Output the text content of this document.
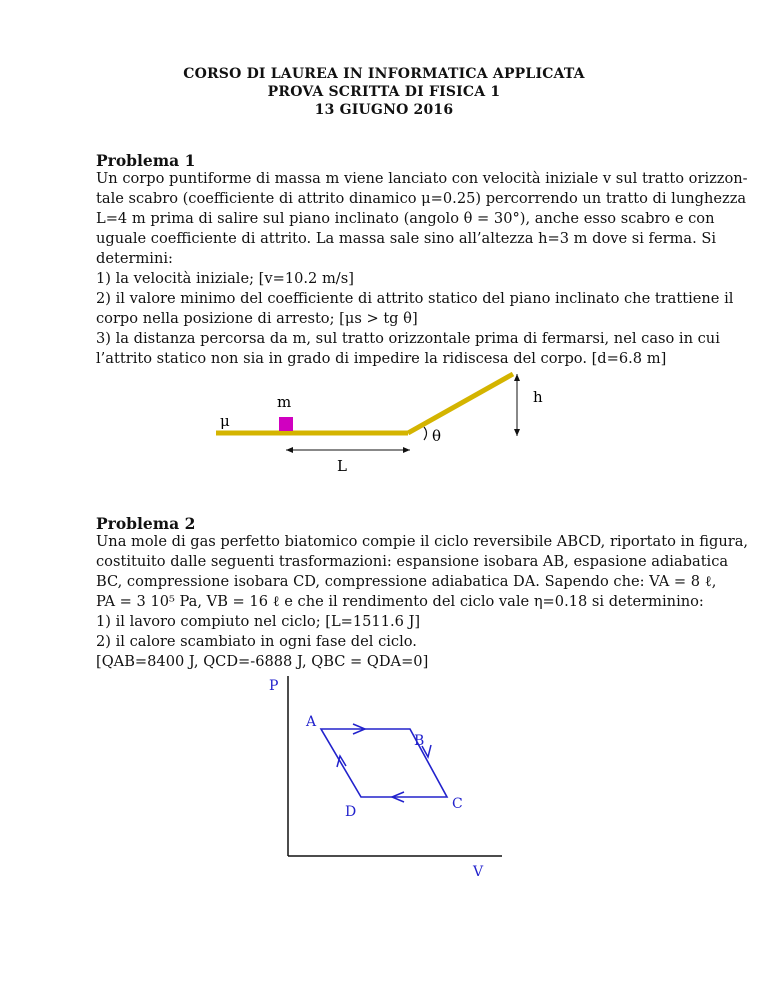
CORSO DI LAUREA IN INFORMATICA APPLICATA
PROVA SCRITTA DI FISICA 1
13 GIUGNO 2016
Problema 1
Un corpo puntiforme di massa m viene lanciato con velocità iniziale v sul tratto orizzon-
tale scabro (coefficiente di attrito dinamico μ=0.25) percorrendo un tratto di lunghezza
L=4 m prima di salire sul piano inclinato (angolo θ = 30°), anche esso scabro e con
uguale coefficiente di attrito. La massa sale sino all’altezza h=3 m dove si ferma. Si
determini:
1) la velocità iniziale; [v=10.2 m/s]
2) il valore minimo del coefficiente di attrito statico del piano inclinato che trattiene il
corpo nella posizione di arresto; [μs > tg θ]
3) la distanza percorsa da m, sul tratto orizzontale prima di fermarsi, nel caso in cui
l’attrito statico non sia in grado di impedire la ridiscesa del corpo. [d=6.8 m]
m
μ
θ
h
L
Problema 2
Una mole di gas perfetto biatomico compie il ciclo reversibile ABCD, riportato in figura,
costituito dalle seguenti trasformazioni: espansione isobara AB, espasione adiabatica
BC, compressione isobara CD, compressione adiabatica DA. Sapendo che: VA = 8 ℓ,
PA = 3 10⁵ Pa, VB = 16 ℓ e che il rendimento del ciclo vale η=0.18 si determinino:
1) il lavoro compiuto nel ciclo; [L=1511.6 J]
2) il calore scambiato in ogni fase del ciclo.
[QAB=8400 J, QCD=-6888 J, QBC = QDA=0]
P
V
A
B
C
D
